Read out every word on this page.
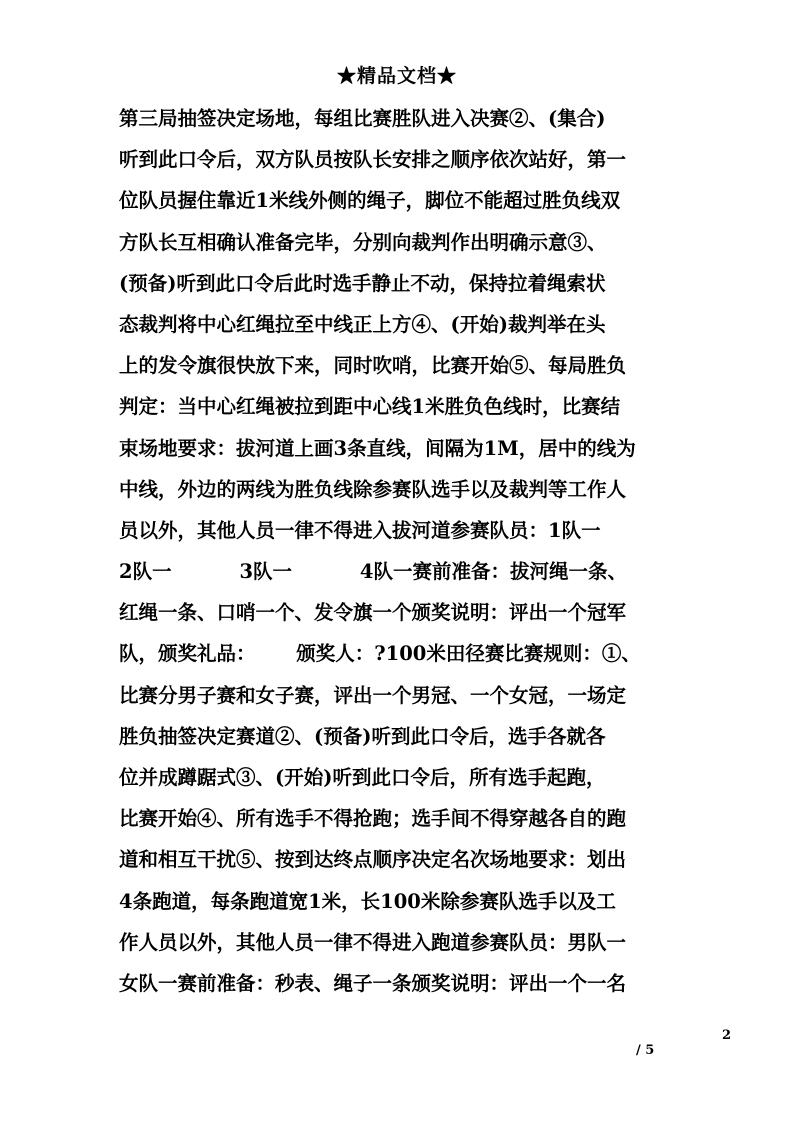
★精品文档★
第三局抽签决定场地，每组比赛胜队进入决赛②、(集合)
听到此口令后，双方队员按队长安排之顺序依次站好，第一
位队员握住靠近1米线外侧的绳子，脚位不能超过胜负线双
方队长互相确认准备完毕，分别向裁判作出明确示意③、
(预备)听到此口令后此时选手静止不动，保持拉着绳索状
态裁判将中心红绳拉至中线正上方④、(开始)裁判举在头
上的发令旗很快放下来，同时吹哨，比赛开始⑤、每局胜负
判定：当中心红绳被拉到距中心线1米胜负色线时，比赛结
束场地要求：拔河道上画3条直线，间隔为1M，居中的线为
中线，外边的两线为胜负线除参赛队选手以及裁判等工作人
员以外，其他人员一律不得进入拔河道参赛队员：1队一
2队一          3队一          4队一赛前准备：拔河绳一条、
红绳一条、口哨一个、发令旗一个颁奖说明：评出一个冠军
队，颁奖礼品：      颁奖人：?100米田径赛比赛规则：①、
比赛分男子赛和女子赛，评出一个男冠、一个女冠，一场定
胜负抽签决定赛道②、(预备)听到此口令后，选手各就各
位并成蹲踞式③、(开始)听到此口令后，所有选手起跑，
比赛开始④、所有选手不得抢跑；选手间不得穿越各自的跑
道和相互干扰⑤、按到达终点顺序决定名次场地要求：划出
4条跑道，每条跑道宽1米，长100米除参赛队选手以及工
作人员以外，其他人员一律不得进入跑道参赛队员：男队一
女队一赛前准备：秒表、绳子一条颁奖说明：评出一个一名
2
/ 5
